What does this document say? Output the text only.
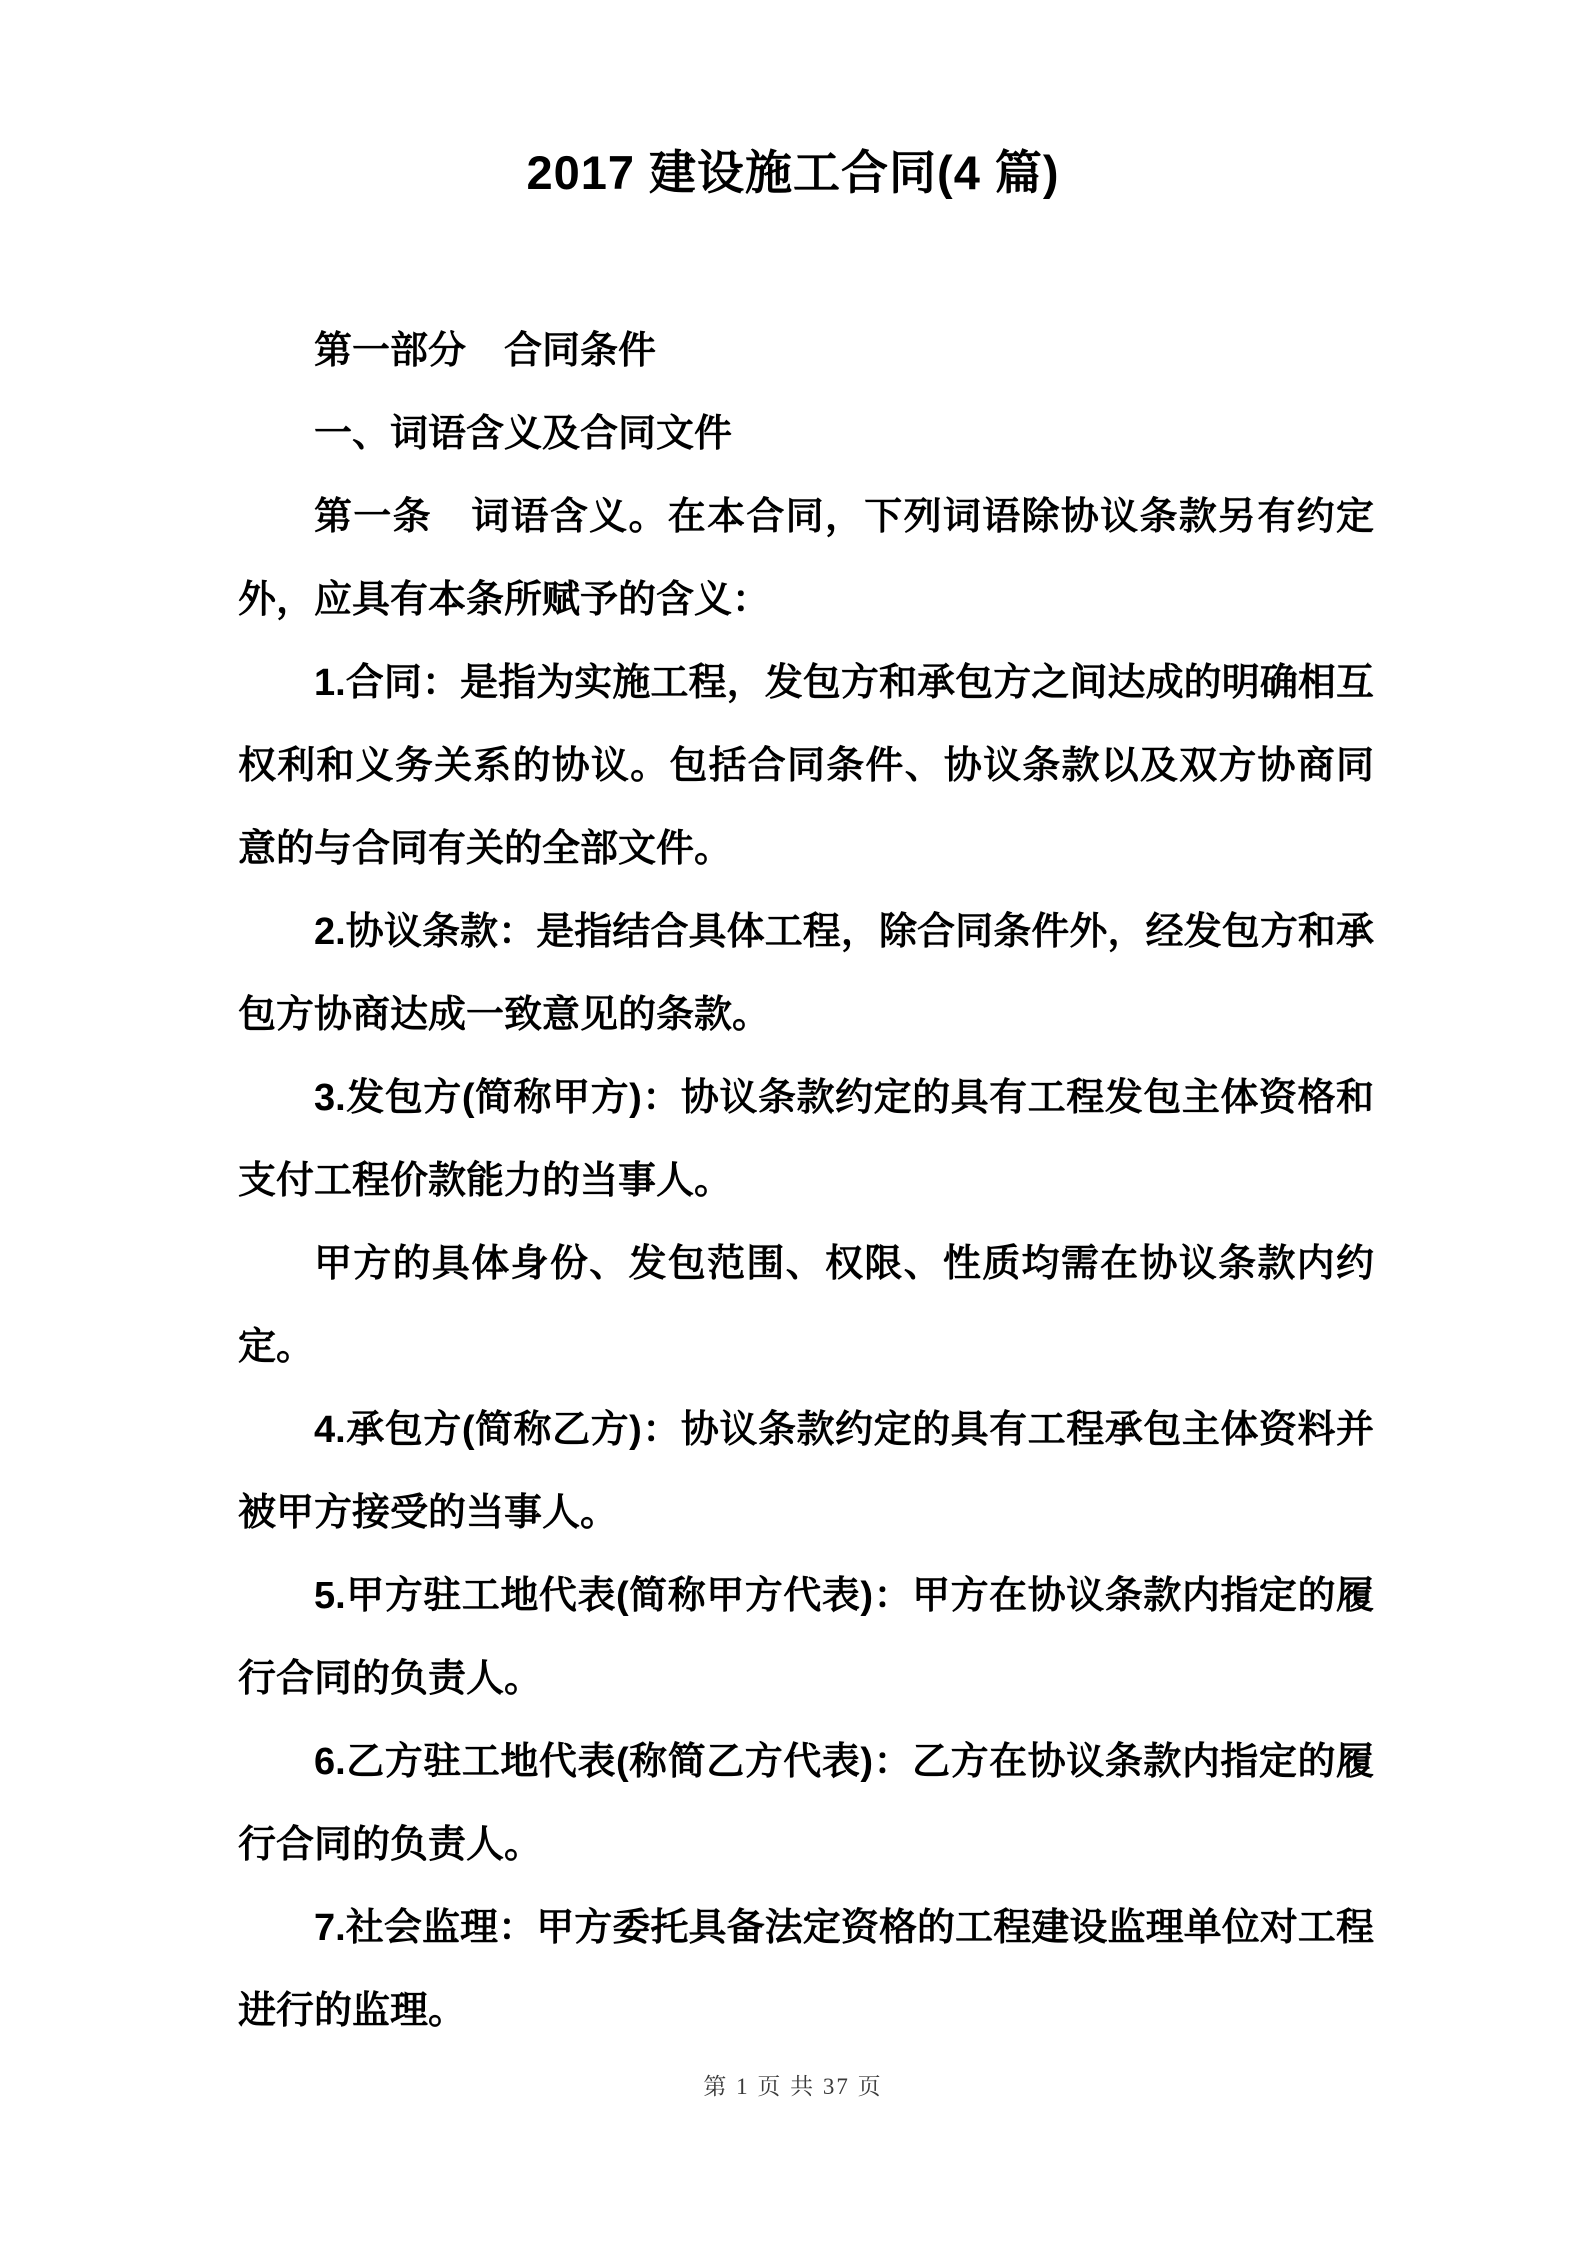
2017 建设施工合同(4 篇)

第一部分　合同条件

一、词语含义及合同文件

第一条　词语含义。在本合同，下列词语除协议条款另有约定外，应具有本条所赋予的含义：

1.合同：是指为实施工程，发包方和承包方之间达成的明确相互权利和义务关系的协议。包括合同条件、协议条款以及双方协商同意的与合同有关的全部文件。

2.协议条款：是指结合具体工程，除合同条件外，经发包方和承包方协商达成一致意见的条款。

3.发包方(简称甲方)：协议条款约定的具有工程发包主体资格和支付工程价款能力的当事人。

甲方的具体身份、发包范围、权限、性质均需在协议条款内约定。

4.承包方(简称乙方)：协议条款约定的具有工程承包主体资料并被甲方接受的当事人。

5.甲方驻工地代表(简称甲方代表)：甲方在协议条款内指定的履行合同的负责人。

6.乙方驻工地代表(称简乙方代表)：乙方在协议条款内指定的履行合同的负责人。

7.社会监理：甲方委托具备法定资格的工程建设监理单位对工程进行的监理。

第 1 页 共 37 页
